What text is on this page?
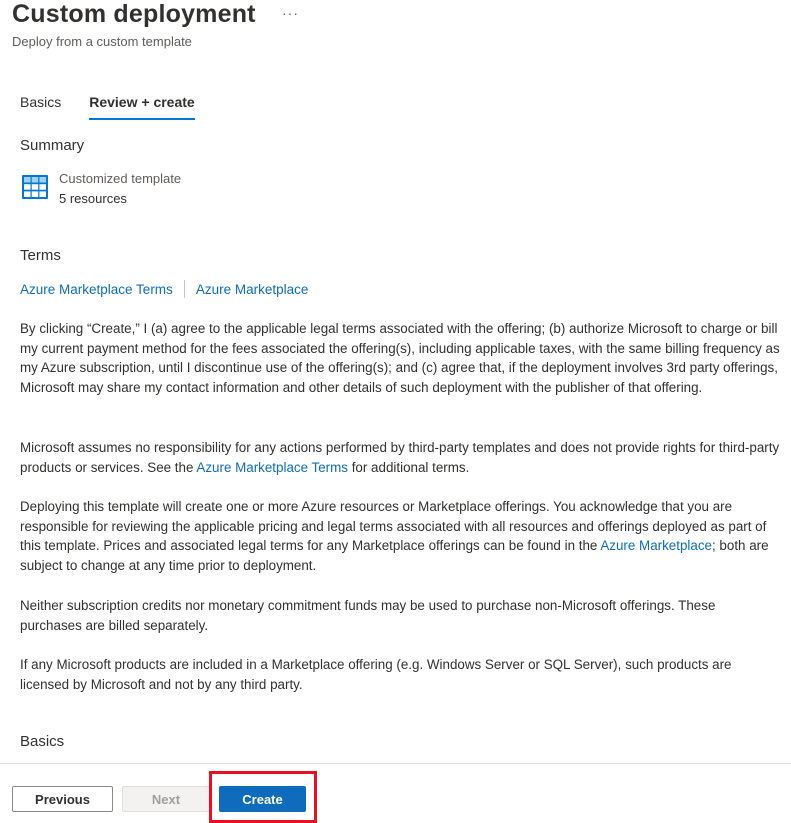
Custom deployment ···
Deploy from a custom template
Basics Review + create
Summary
Customized template
5 resources
Terms
Azure Marketplace Terms Azure Marketplace

By clicking “Create,” I (a) agree to the applicable legal terms associated with the offering; (b) authorize Microsoft to charge or bill my current payment method for the fees associated the offering(s), including applicable taxes, with the same billing frequency as my Azure subscription, until I discontinue use of the offering(s); and (c) agree that, if the deployment involves 3rd party offerings, Microsoft may share my contact information and other details of such deployment with the publisher of that offering.

Microsoft assumes no responsibility for any actions performed by third-party templates and does not provide rights for third-party products or services. See the Azure Marketplace Terms for additional terms.

Deploying this template will create one or more Azure resources or Marketplace offerings. You acknowledge that you are responsible for reviewing the applicable pricing and legal terms associated with all resources and offerings deployed as part of this template. Prices and associated legal terms for any Marketplace offerings can be found in the Azure Marketplace; both are subject to change at any time prior to deployment.

Neither subscription credits nor monetary commitment funds may be used to purchase non-Microsoft offerings. These purchases are billed separately.

If any Microsoft products are included in a Marketplace offering (e.g. Windows Server or SQL Server), such products are licensed by Microsoft and not by any third party.

Basics
Previous	Next	Create
